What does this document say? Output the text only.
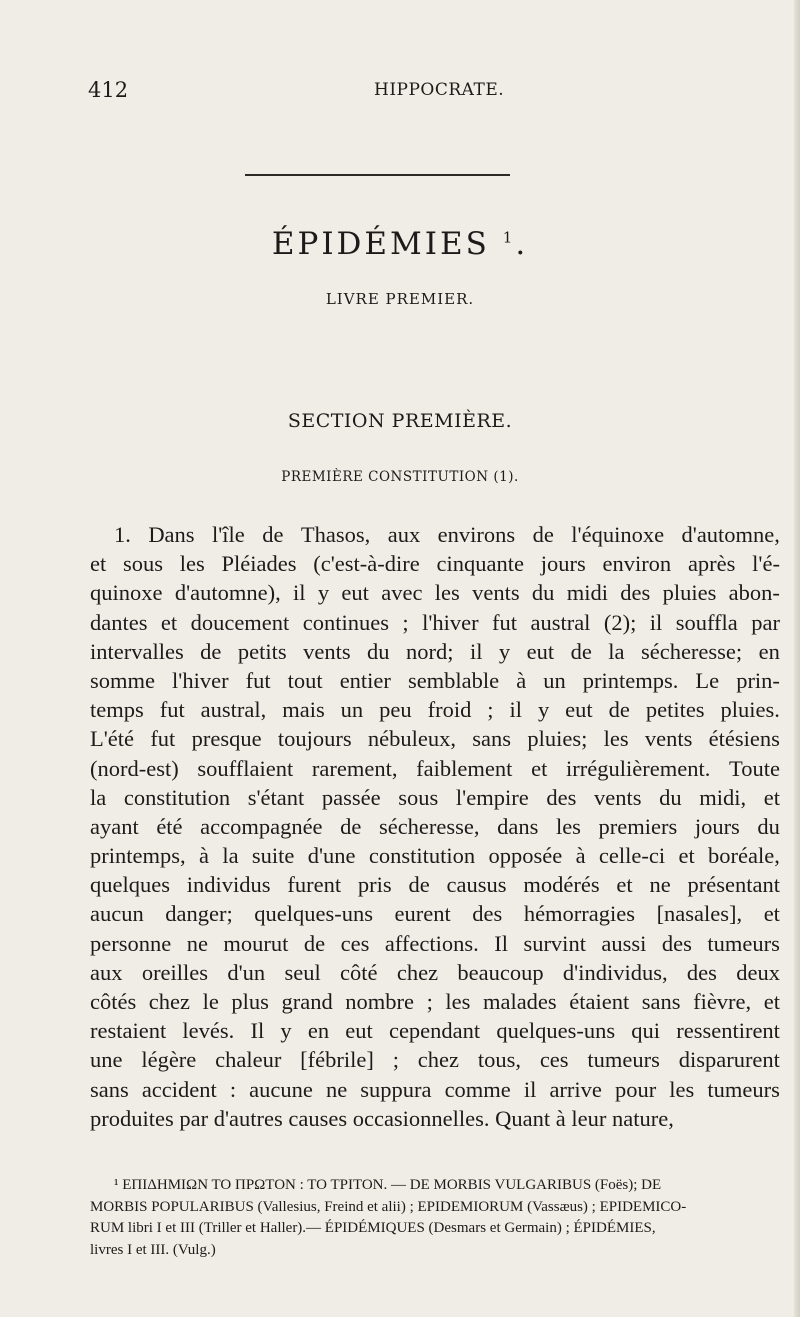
412	HIPPOCRATE.
ÉPIDÉMIES $^1$.
LIVRE PREMIER.
SECTION PREMIÈRE.
PREMIÈRE CONSTITUTION (1).
1. Dans l'île de Thasos, aux environs de l'équinoxe d'automne,
et sous les Pléiades (c'est-à-dire cinquante jours environ après l'é-
quinoxe d'automne), il y eut avec les vents du midi des pluies abon-
dantes et doucement continues ; l'hiver fut austral (2); il souffla par
intervalles de petits vents du nord; il y eut de la sécheresse; en
somme l'hiver fut tout entier semblable à un printemps. Le prin-
temps fut austral, mais un peu froid ; il y eut de petites pluies.
L'été fut presque toujours nébuleux, sans pluies; les vents étésiens
(nord-est) soufflaient rarement, faiblement et irrégulièrement. Toute
la constitution s'étant passée sous l'empire des vents du midi, et
ayant été accompagnée de sécheresse, dans les premiers jours du
printemps, à la suite d'une constitution opposée à celle-ci et boréale,
quelques individus furent pris de causus modérés et ne présentant
aucun danger; quelques-uns eurent des hémorragies [nasales], et
personne ne mourut de ces affections. Il survint aussi des tumeurs
aux oreilles d'un seul côté chez beaucoup d'individus, des deux
côtés chez le plus grand nombre ; les malades étaient sans fièvre, et
restaient levés. Il y en eut cependant quelques-uns qui ressentirent
une légère chaleur [fébrile] ; chez tous, ces tumeurs disparurent
sans accident : aucune ne suppura comme il arrive pour les tumeurs
produites par d'autres causes occasionnelles. Quant à leur nature,
¹ ΕΠΙΔΗΜΙΩΝ ΤΟ ΠΡΩΤΟΝ : ΤΟ ΤΡΙΤΟΝ. — DE MORBIS VULGARIBUS (Foës); DE
MORBIS POPULARIBUS (Vallesius, Freind et alii) ; EPIDEMIORUM (Vassæus) ; EPIDEMICO-
RUM libri I et III (Triller et Haller).— ÉPIDÉMIQUES (Desmars et Germain) ; ÉPIDÉMIES,
livres I et III. (Vulg.)
